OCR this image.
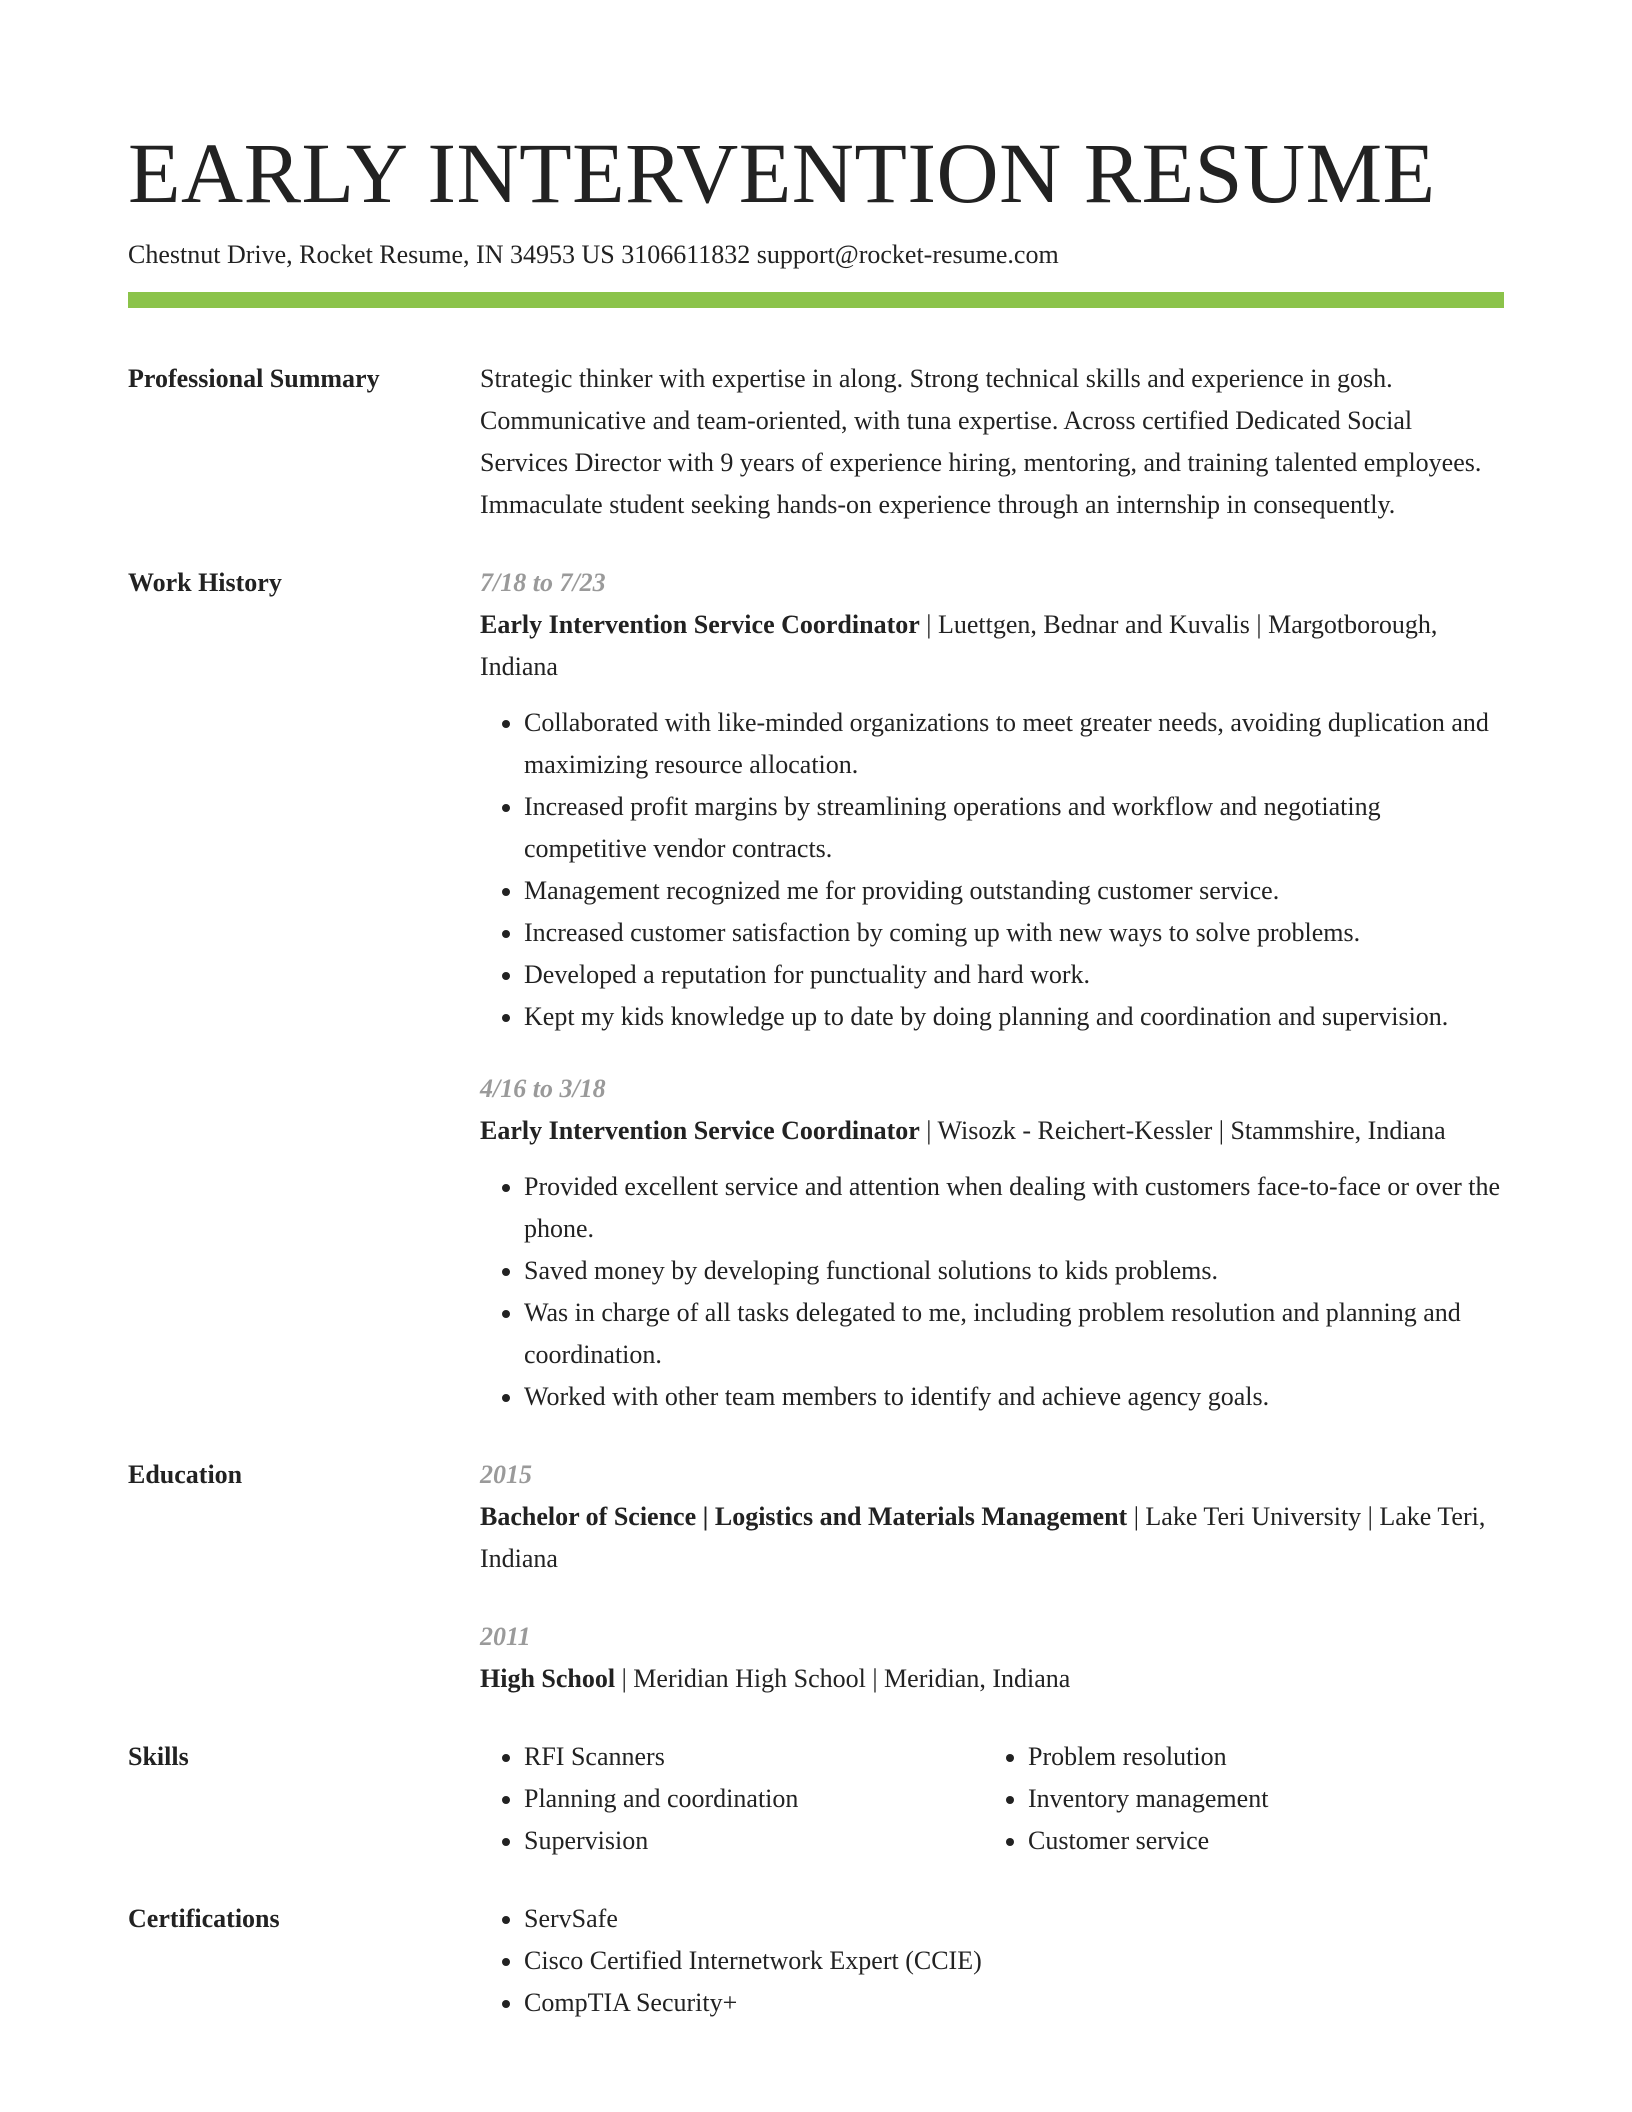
EARLY INTERVENTION RESUME
Chestnut Drive, Rocket Resume, IN 34953 US 3106611832 support@rocket-resume.com
Professional Summary	Strategic thinker with expertise in along. Strong technical skills and experience in gosh. Communicative and team-oriented, with tuna expertise. Across certified Dedicated Social Services Director with 9 years of experience hiring, mentoring, and training talented employees. Immaculate student seeking hands-on experience through an internship in consequently.
Work History	7/18 to 7/23
Early Intervention Service Coordinator | Luettgen, Bednar and Kuvalis | Margotborough, Indiana
• Collaborated with like-minded organizations to meet greater needs, avoiding duplication and maximizing resource allocation.
• Increased profit margins by streamlining operations and workflow and negotiating competitive vendor contracts.
• Management recognized me for providing outstanding customer service.
• Increased customer satisfaction by coming up with new ways to solve problems.
• Developed a reputation for punctuality and hard work.
• Kept my kids knowledge up to date by doing planning and coordination and supervision.
4/16 to 3/18
Early Intervention Service Coordinator | Wisozk - Reichert-Kessler | Stammshire, Indiana
• Provided excellent service and attention when dealing with customers face-to-face or over the phone.
• Saved money by developing functional solutions to kids problems.
• Was in charge of all tasks delegated to me, including problem resolution and planning and coordination.
• Worked with other team members to identify and achieve agency goals.
Education	2015
Bachelor of Science | Logistics and Materials Management | Lake Teri University | Lake Teri, Indiana
2011
High School | Meridian High School | Meridian, Indiana
Skills	• RFI Scanners
• Planning and coordination
• Supervision
• Problem resolution
• Inventory management
• Customer service
Certifications	• ServSafe
• Cisco Certified Internetwork Expert (CCIE)
• CompTIA Security+
